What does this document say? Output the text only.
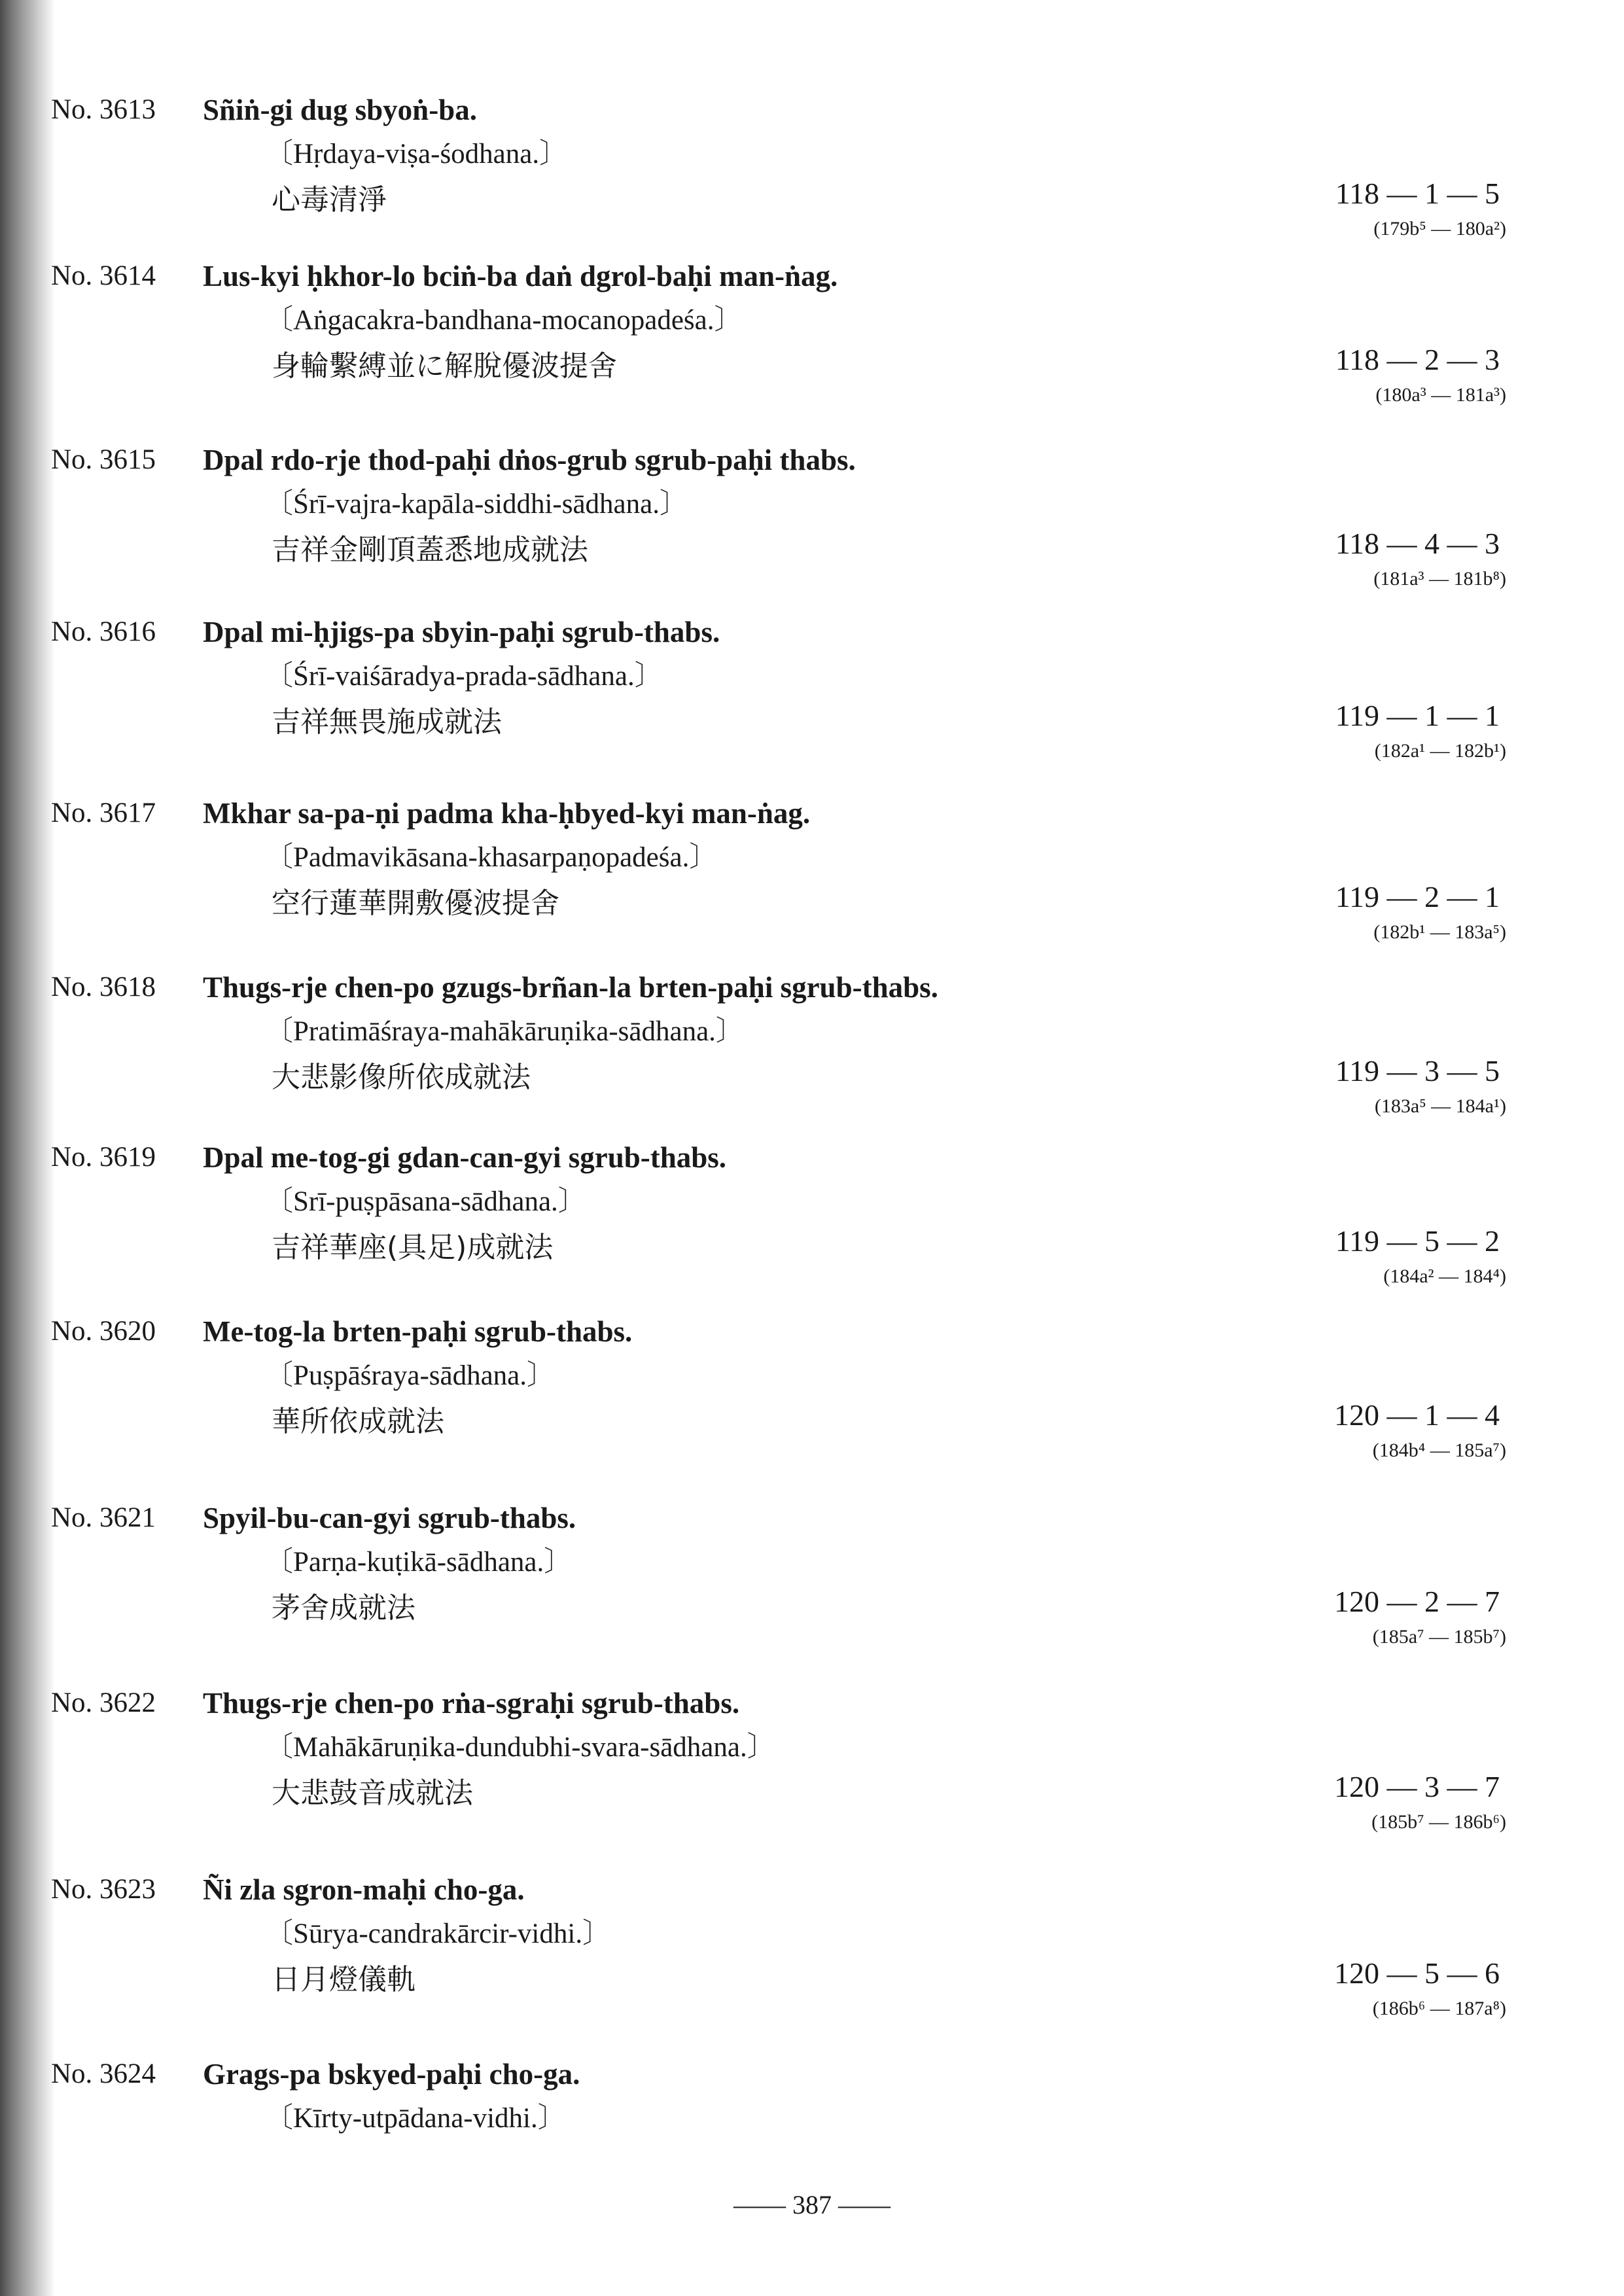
No. 3613 Sñiṅ-gi dug sbyoṅ-ba.
〔Hṛdaya-viṣa-śodhana.〕
心毒清淨	118 — 1 — 5
(179b⁵ — 180a²)
No. 3614 Lus-kyi ḥkhor-lo bciṅ-ba daṅ dgrol-baḥi man-ṅag.
〔Aṅgacakra-bandhana-mocanopadeśa.〕
身輪繫縛並に解脫優波提舍	118 — 2 — 3
(180a³ — 181a³)
No. 3615 Dpal rdo-rje thod-paḥi dṅos-grub sgrub-paḥi thabs.
〔Śrī-vajra-kapāla-siddhi-sādhana.〕
吉祥金剛頂蓋悉地成就法	118 — 4 — 3
(181a³ — 181b⁸)
No. 3616 Dpal mi-ḥjigs-pa sbyin-paḥi sgrub-thabs.
〔Śrī-vaiśāradya-prada-sādhana.〕
吉祥無畏施成就法	119 — 1 — 1
(182a¹ — 182b¹)
No. 3617 Mkhar sa-pa-ṇi padma kha-ḥbyed-kyi man-ṅag.
〔Padmavikāsana-khasarpaṇopadeśa.〕
空行蓮華開敷優波提舍	119 — 2 — 1
(182b¹ — 183a⁵)
No. 3618 Thugs-rje chen-po gzugs-brñan-la brten-paḥi sgrub-thabs.
〔Pratimāśraya-mahākāruṇika-sādhana.〕
大悲影像所依成就法	119 — 3 — 5
(183a⁵ — 184a¹)
No. 3619 Dpal me-tog-gi gdan-can-gyi sgrub-thabs.
〔Srī-puṣpāsana-sādhana.〕
吉祥華座(具足)成就法	119 — 5 — 2
(184a² — 184⁴)
No. 3620 Me-tog-la brten-paḥi sgrub-thabs.
〔Puṣpāśraya-sādhana.〕
華所依成就法	120 — 1 — 4
(184b⁴ — 185a⁷)
No. 3621 Spyil-bu-can-gyi sgrub-thabs.
〔Parṇa-kuṭikā-sādhana.〕
茅舍成就法	120 — 2 — 7
(185a⁷ — 185b⁷)
No. 3622 Thugs-rje chen-po rṅa-sgraḥi sgrub-thabs.
〔Mahākāruṇika-dundubhi-svara-sādhana.〕
大悲鼓音成就法	120 — 3 — 7
(185b⁷ — 186b⁶)
No. 3623 Ñi zla sgron-maḥi cho-ga.
〔Sūrya-candrakārcir-vidhi.〕
日月燈儀軌	120 — 5 — 6
(186b⁶ — 187a⁸)
No. 3624 Grags-pa bskyed-paḥi cho-ga.
〔Kīrty-utpādana-vidhi.〕
—— 387 ——
